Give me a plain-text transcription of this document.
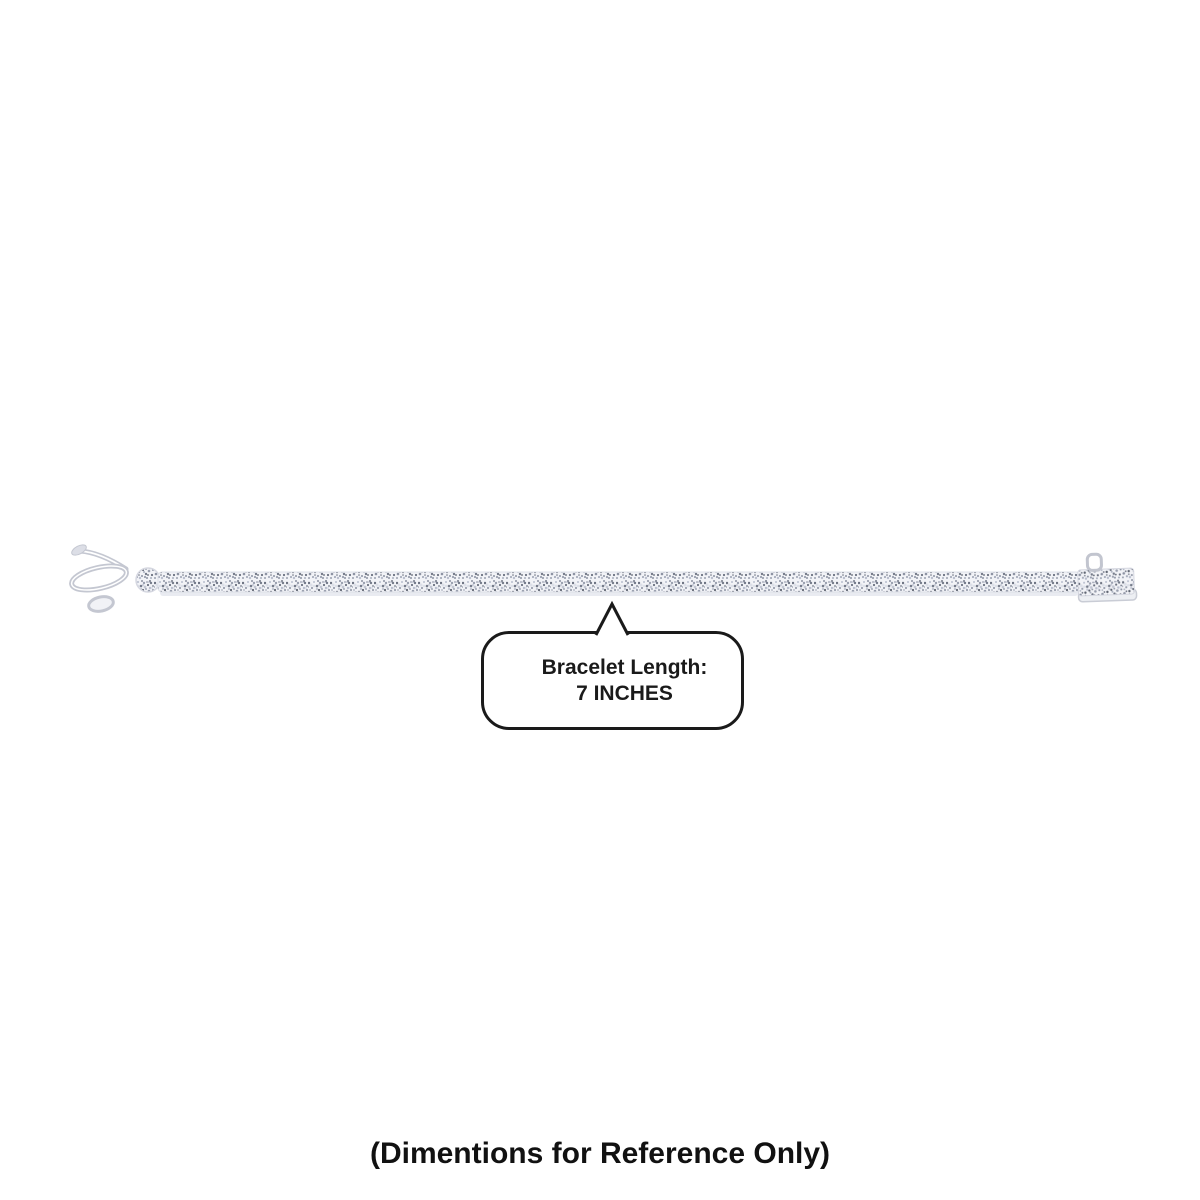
Bracelet Length:
7 INCHES
(Dimentions for Reference Only)
